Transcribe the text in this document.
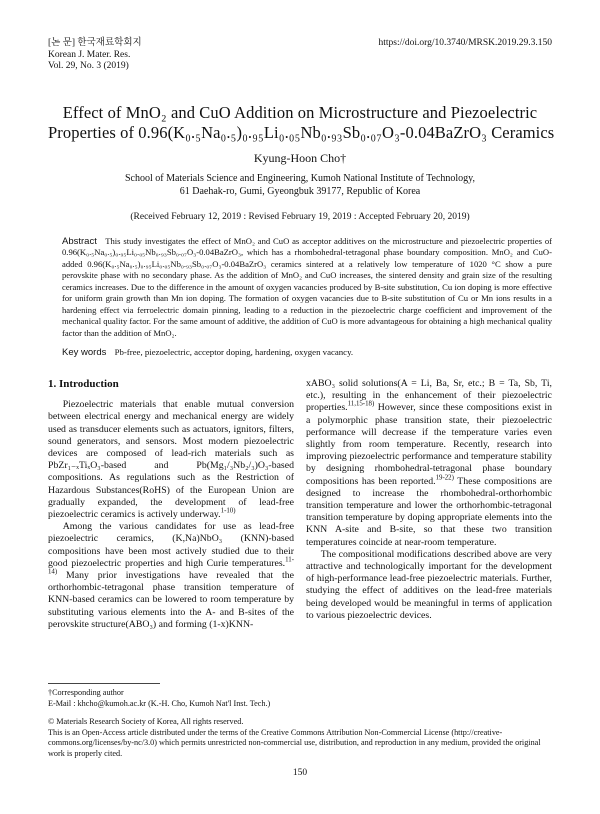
[논 문] 한국재료학회지
Korean J. Mater. Res.
Vol. 29, No. 3 (2019)
https://doi.org/10.3740/MRSK.2019.29.3.150
Effect of MnO₂ and CuO Addition on Microstructure and Piezoelectric
Properties of 0.96(K₀.₅Na₀.₅)₀.₉₅Li₀.₀₅Nb₀.₉₃Sb₀.₀₇O₃-0.04BaZrO₃ Ceramics
Kyung-Hoon Cho†
School of Materials Science and Engineering, Kumoh National Institute of Technology,
61 Daehak-ro, Gumi, Gyeongbuk 39177, Republic of Korea
(Received February 12, 2019 : Revised February 19, 2019 : Accepted February 20, 2019)
Abstract This study investigates the effect of MnO₂ and CuO as acceptor additives on the microstructure and piezoelectric properties of 0.96(K₀.₅Na₀.₅)₀.₉₅Li₀.₀₅Nb₀.₉₃Sb₀.₀₇O₃-0.04BaZrO₃, which has a rhombohedral-tetragonal phase boundary composition. MnO₂ and CuO-added 0.96(K₀.₅Na₀.₅)₀.₉₅Li₀.₀₅Nb₀.₉₃Sb₀.₀₇O₃-0.04BaZrO₃ ceramics sintered at a relatively low temperature of 1020 °C show a pure perovskite phase with no secondary phase. As the addition of MnO₂ and CuO increases, the sintered density and grain size of the resulting ceramics increases. Due to the difference in the amount of oxygen vacancies produced by B-site substitution, Cu ion doping is more effective for uniform grain growth than Mn ion doping. The formation of oxygen vacancies due to B-site substitution of Cu or Mn ions results in a hardening effect via ferroelectric domain pinning, leading to a reduction in the piezoelectric charge coefficient and improvement of the mechanical quality factor. For the same amount of additive, the addition of CuO is more advantageous for obtaining a high mechanical quality factor than the addition of MnO₂.
Key words Pb-free, piezoelectric, acceptor doping, hardening, oxygen vacancy.
1. Introduction

Piezoelectric materials that enable mutual conversion between electrical energy and mechanical energy are widely used as transducer elements such as actuators, ignitors, filters, sound generators, and sensors. Most modern piezoelectric devices are composed of lead-rich materials such as PbZr₁₋ₓTiₓO₃-based and Pb(Mg₁/₃Nb₂/₃)O₃-based compositions. As regulations such as the Restriction of Hazardous Substances(RoHS) of the European Union are gradually expanded, the development of lead-free piezoelectric ceramics is actively underway.$^{1-10)}$

Among the various candidates for use as lead-free piezoelectric ceramics, (K,Na)NbO₃ (KNN)-based compositions have been most actively studied due to their good piezoelectric properties and high Curie temperatures.$^{11-14)}$ Many prior investigations have revealed that the orthorhombic-tetragonal phase transition temperature of KNN-based ceramics can be lowered to room temperature by substituting various elements into the A- and B-sites of the perovskite structure(ABO₃) and forming (1-x)KNN-

xABO₃ solid solutions(A = Li, Ba, Sr, etc.; B = Ta, Sb, Ti, etc.), resulting in the enhancement of their piezoelectric properties.$^{11,15-18)}$ However, since these compositions exist in a polymorphic phase transition state, their piezoelectric performance will decrease if the temperature varies even slightly from room temperature. Recently, research into improving piezoelectric performance and temperature stability by designing rhombohedral-tetragonal phase boundary compositions has been reported.$^{19-22)}$ These compositions are designed to increase the rhombohedral-orthorhombic transition temperature and lower the orthorhombic-tetragonal transition temperature by doping appropriate elements into the KNN A-site and B-site, so that these two transition temperatures coincide at near-room temperature.

The compositional modifications described above are very attractive and technologically important for the development of high-performance lead-free piezoelectric materials. Further, studying the effect of additives on the lead-free materials being developed would be meaningful in terms of application to various piezoelectric devices.

†Corresponding author
E-Mail : khcho@kumoh.ac.kr (K.-H. Cho, Kumoh Nat'l Inst. Tech.)
© Materials Research Society of Korea, All rights reserved.
This is an Open-Access article distributed under the terms of the Creative Commons Attribution Non-Commercial License (http://creative-commons.org/licenses/by-nc/3.0) which permits unrestricted non-commercial use, distribution, and reproduction in any medium, provided the original work is properly cited.
150
